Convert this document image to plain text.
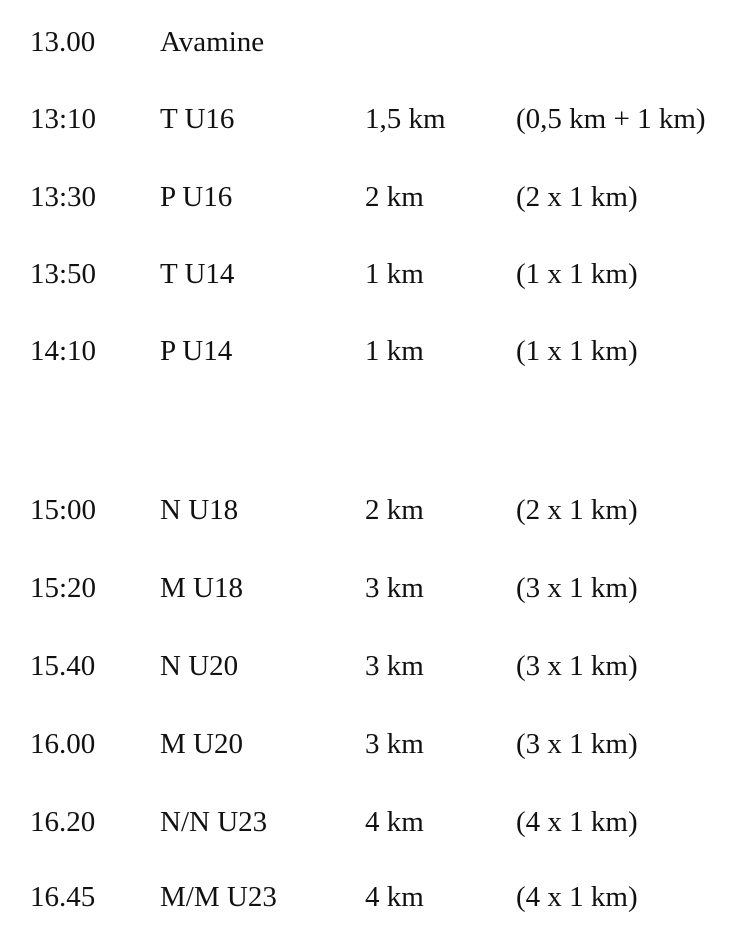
13.00 Avamine
13:10 T U16	1,5 km (0,5 km + 1 km)
13:30 P U16	2 km	(2 x 1 km)
13:50 T U14	1 km	(1 x 1 km)
14:10 P U14	1 km	(1 x 1 km)
15:00 N U18	2 km	(2 x 1 km)
15:20 M U18	3 km	(3 x 1 km)
15.40 N U20	3 km	(3 x 1 km)
16.00 M U20	3 km	(3 x 1 km)
16.20 N/N U23	4 km	(4 x 1 km)
16.45 M/M U23	4 km	(4 x 1 km)
